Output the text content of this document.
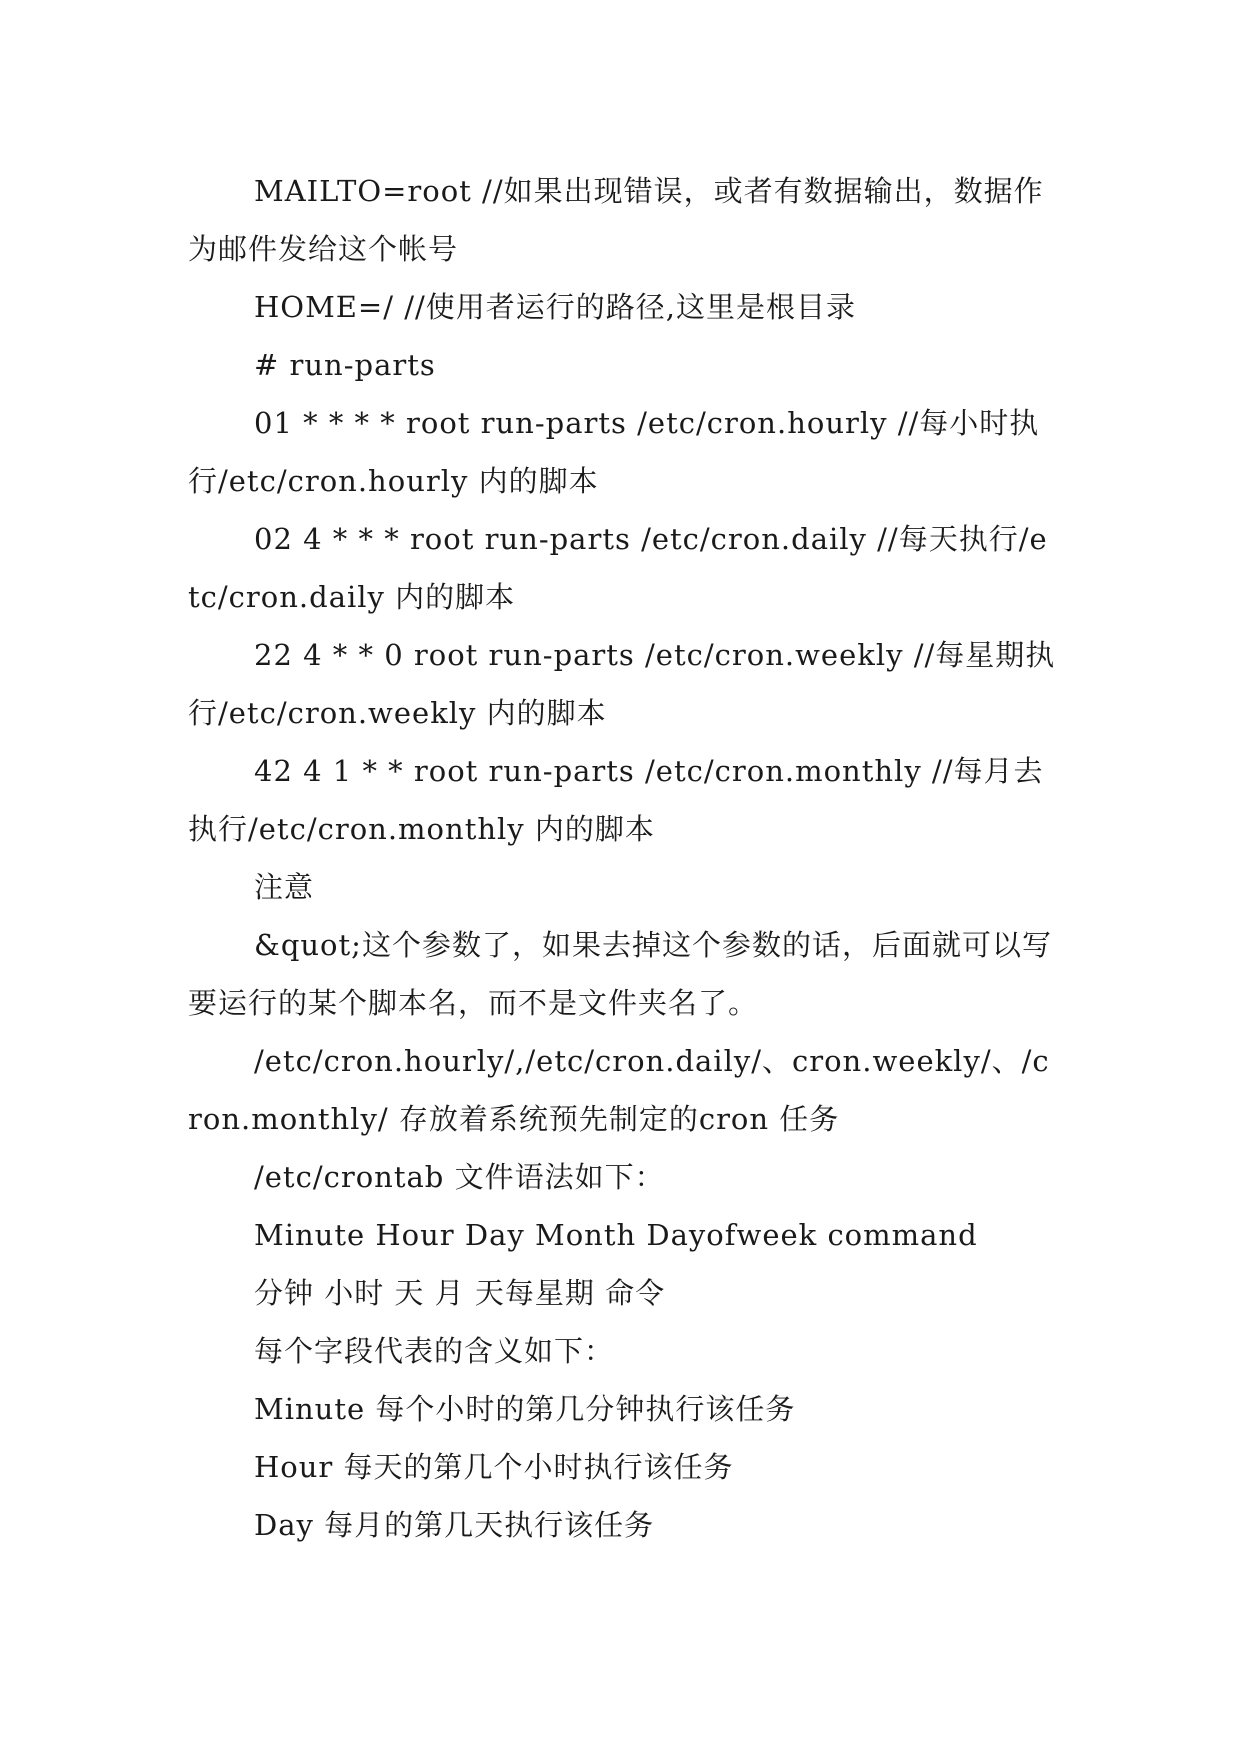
MAILTO=root //如果出现错误，或者有数据输出，数据作为邮件发给这个帐号

HOME=/ //使用者运行的路径,这里是根目录

# run-parts

01 * * * * root run-parts /etc/cron.hourly //每小时执行/etc/cron.hourly 内的脚本

02 4 * * * root run-parts /etc/cron.daily //每天执行/etc/cron.daily 内的脚本

22 4 * * 0 root run-parts /etc/cron.weekly //每星期执行/etc/cron.weekly 内的脚本

42 4 1 * * root run-parts /etc/cron.monthly //每月去执行/etc/cron.monthly 内的脚本

注意

&quot;这个参数了，如果去掉这个参数的话，后面就可以写要运行的某个脚本名，而不是文件夹名了。

/etc/cron.hourly/,/etc/cron.daily/、cron.weekly/、/cron.monthly/ 存放着系统预先制定的cron 任务

/etc/crontab 文件语法如下：

Minute Hour Day Month Dayofweek command

分钟 小时 天 月 天每星期 命令

每个字段代表的含义如下：

Minute 每个小时的第几分钟执行该任务

Hour 每天的第几个小时执行该任务

Day 每月的第几天执行该任务
